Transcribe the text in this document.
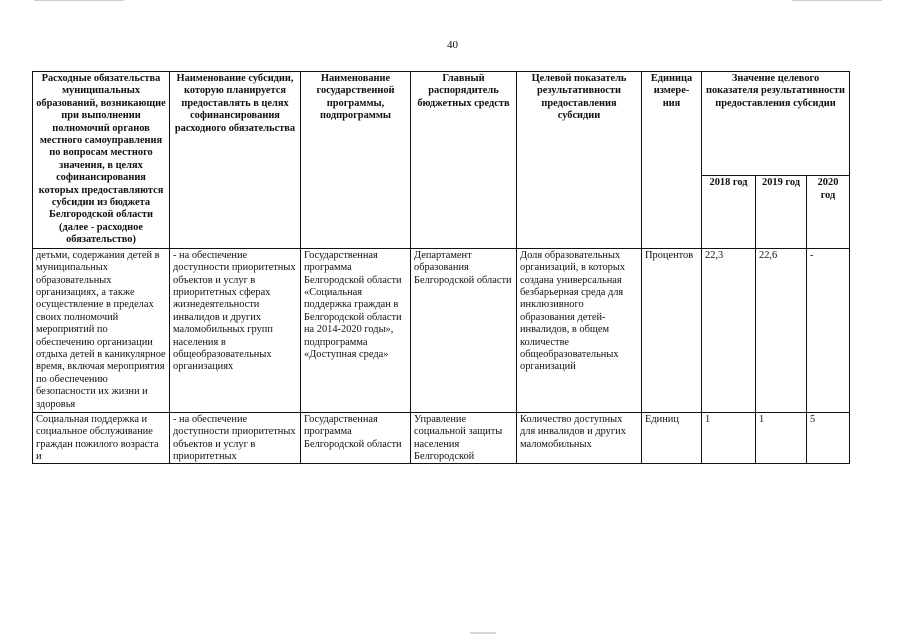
40
Расходные обязательства муниципальных образований, возникающие при выполнении полномочий органов местного самоуправления по вопросам местного значения, в целях софинансирования которых предоставляются субсидии из бюджета Белгородской области (далее - расходное обязательство)	Наименование субсидии, которую планируется предоставлять в целях софинансирования расходного обязательства	Наименование государственной программы, подпрограммы	Главный распорядитель бюджетных средств	Целевой показатель результативности предоставления субсидии	Единица измере-ния	Значение целевого показателя результативности предоставления субсидии		
						2018 год	2019 год	2020 год
детьми, содержания детей в муниципальных образовательных организациях, а также осуществление в пределах своих полномочий мероприятий по обеспечению организации отдыха детей в каникулярное время, включая мероприятия по обеспечению безопасности их жизни и здоровья	- на обеспечение доступности приоритетных объектов и услуг в приоритетных сферах жизнедеятельности инвалидов и других маломобильных групп населения в общеобразовательных организациях	Государственная программа Белгородской области «Социальная поддержка граждан в Белгородской области на 2014-2020 годы», подпрограмма «Доступная среда»	Департамент образования Белгородской области	Доля образовательных организаций, в которых создана универсальная безбарьерная среда для инклюзивного образования детей-инвалидов, в общем количестве общеобразовательных организаций	Процентов	22,3	22,6	-

Социальная поддержка и социальное обслуживание граждан пожилого возраста и	- на обеспечение доступности приоритетных объектов и услуг в приоритетных	Государственная программа Белгородской области	Управление социальной защиты населения Белгородской	Количество доступных для инвалидов и других маломобильных	Единиц	1	1	5
